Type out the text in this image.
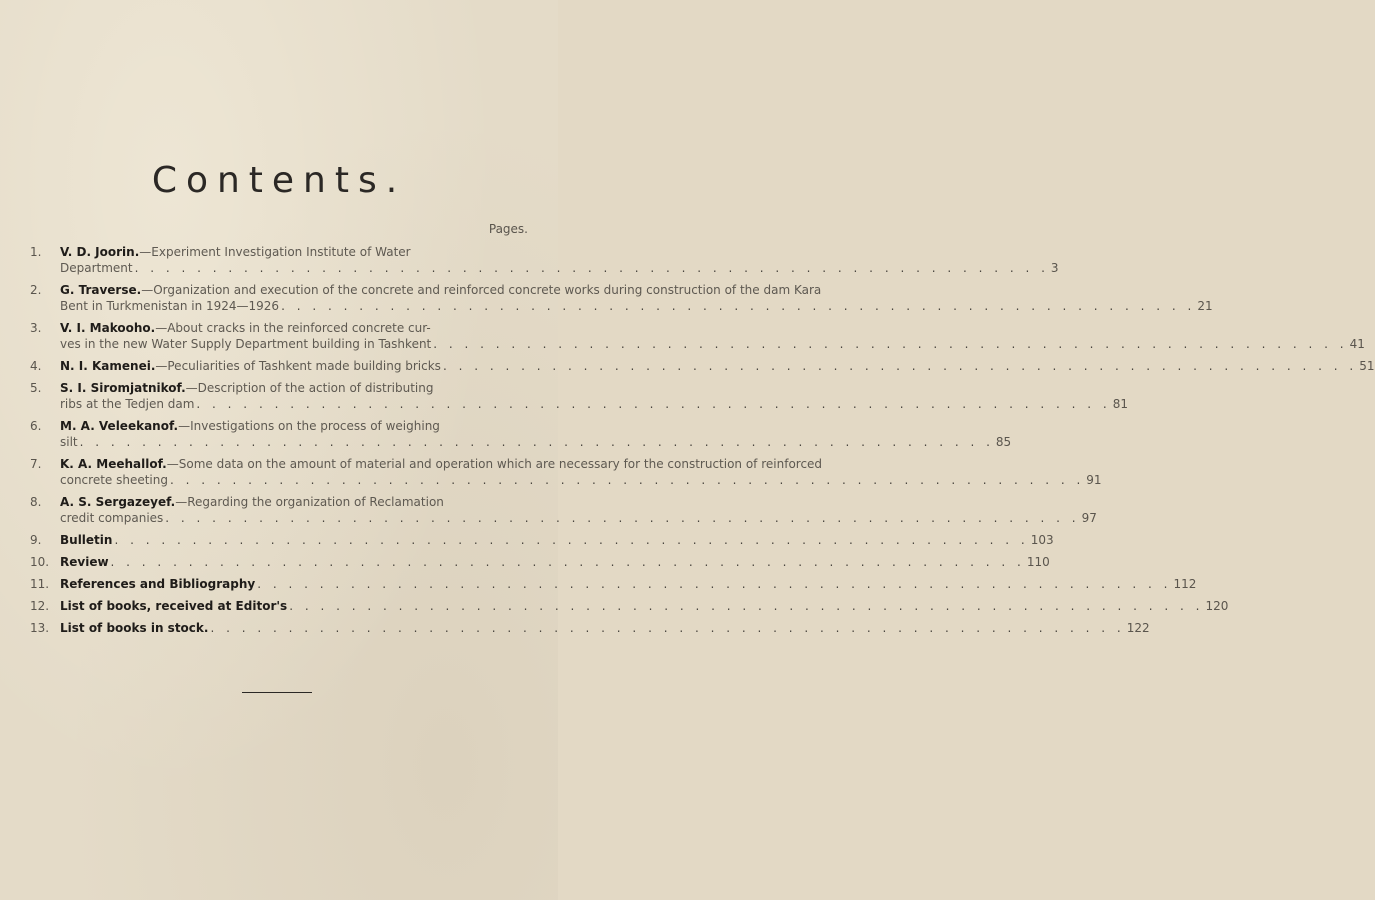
Contents.
Pages.
1.	V. D. Joorin.—Experiment Investigation Institute of Water
Department . . .	3
2.	G. Traverse.—Organization and execution of the concrete and reinforced concrete works during construction of the dam Kara
Bent in Turkmenistan in 1924—1926 . . .	21
3.	V. I. Makooho.—About cracks in the reinforced concrete cur-
ves in the new Water Supply Department building in Tashkent . . .	41
4.	N. I. Kamenei.—Peculiarities of Tashkent made building bricks . . .	51
5.	S. I. Siromjatnikof.—Description of the action of distributing
ribs at the Tedjen dam . . .	81
6.	M. A. Veleekanof.—Investigations on the process of weighing
silt . . .	85
7.	K. A. Meehallof.—Some data on the amount of material and operation which are necessary for the construction of reinforced
concrete sheeting . . .	91
8.	A. S. Sergazeyef.—Regarding the organization of Reclamation
credit companies . . .	97
9.	Bulletin . . .	103
10. Review . . .	110
11. References and Bibliography . . .	112
12. List of books, received at Editor's . . .	120
13. List of books in stock. . . .	122
